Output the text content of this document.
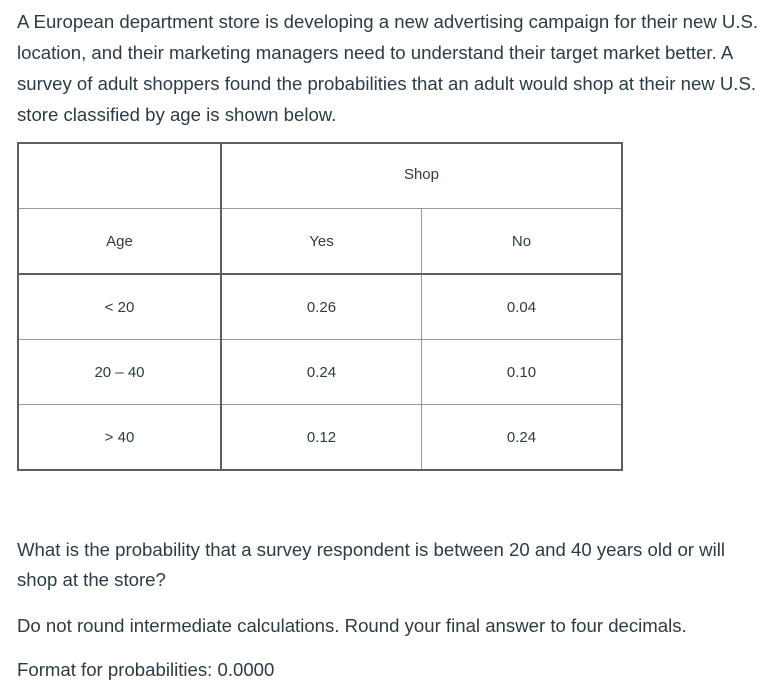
A European department store is developing a new advertising campaign for their new U.S. location, and their marketing managers need to understand their target market better. A survey of adult shoppers found the probabilities that an adult would shop at their new U.S. store classified by age is shown below.

	Shop	
Age	Yes	No
< 20	0.26	0.04
20 – 40	0.24	0.10
> 40	0.12	0.24

What is the probability that a survey respondent is between 20 and 40 years old or will shop at the store?

Do not round intermediate calculations. Round your final answer to four decimals.

Format for probabilities: 0.0000
